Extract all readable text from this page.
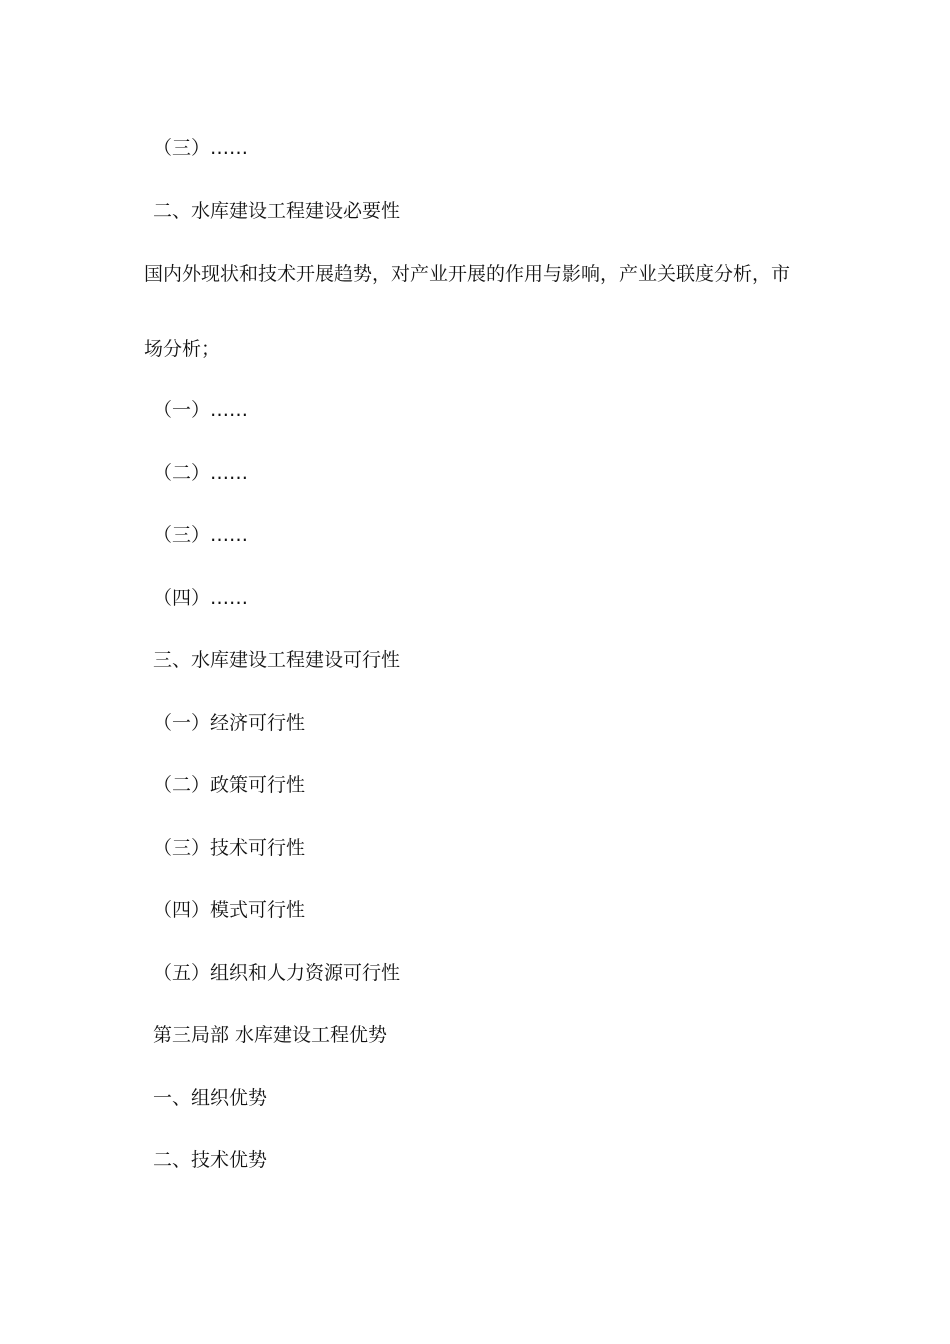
（三）……
二、水库建设工程建设必要性
国内外现状和技术开展趋势，对产业开展的作用与影响，产业关联度分析，市
场分析；
（一）……
（二）……
（三）……
（四）……
三、水库建设工程建设可行性
（一）经济可行性
（二）政策可行性
（三）技术可行性
（四）模式可行性
（五）组织和人力资源可行性
第三局部 水库建设工程优势
一、组织优势
二、技术优势
